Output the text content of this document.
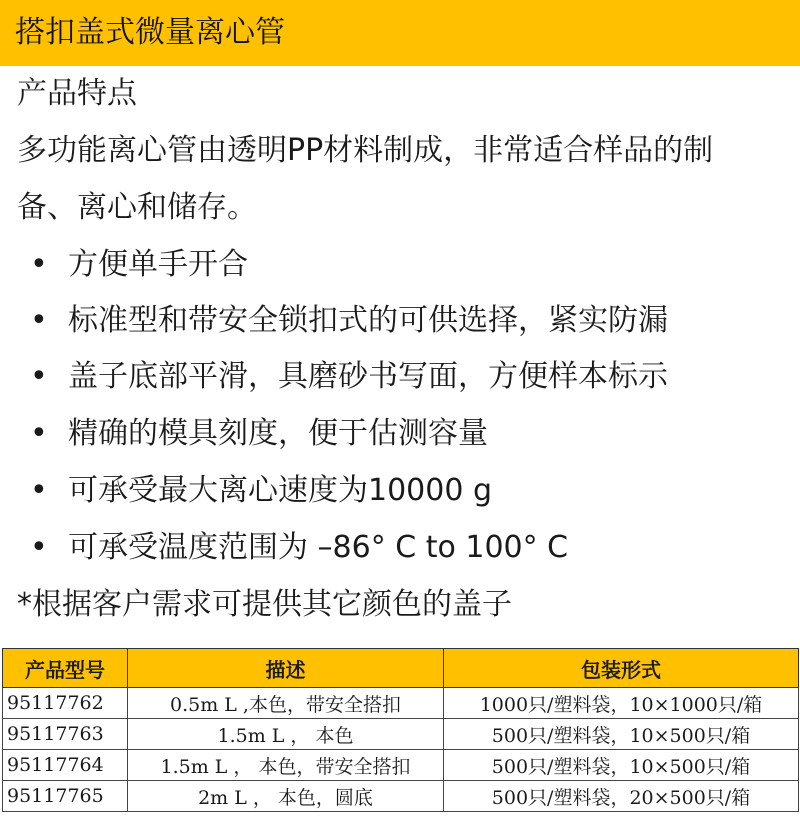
搭扣盖式微量离心管
产品特点
多功能离心管由透明PP材料制成，非常适合样品的制
备、离心和储存。
• 方便单手开合
• 标准型和带安全锁扣式的可供选择，紧实防漏
• 盖子底部平滑，具磨砂书写面，方便样本标示
• 精确的模具刻度，便于估测容量
• 可承受最大离心速度为10000 g
• 可承受温度范围为 –86° C to 100° C
*根据客户需求可提供其它颜色的盖子
产品型号	描述	包装形式
95117762	0.5m L ,本色，带安全搭扣	1000只/塑料袋，10×1000只/箱
95117763	1.5m L ， 本色	500只/塑料袋，10×500只/箱
95117764	1.5m L ， 本色，带安全搭扣	500只/塑料袋，10×500只/箱
95117765	2m L ， 本色，圆底	500只/塑料袋，20×500只/箱
